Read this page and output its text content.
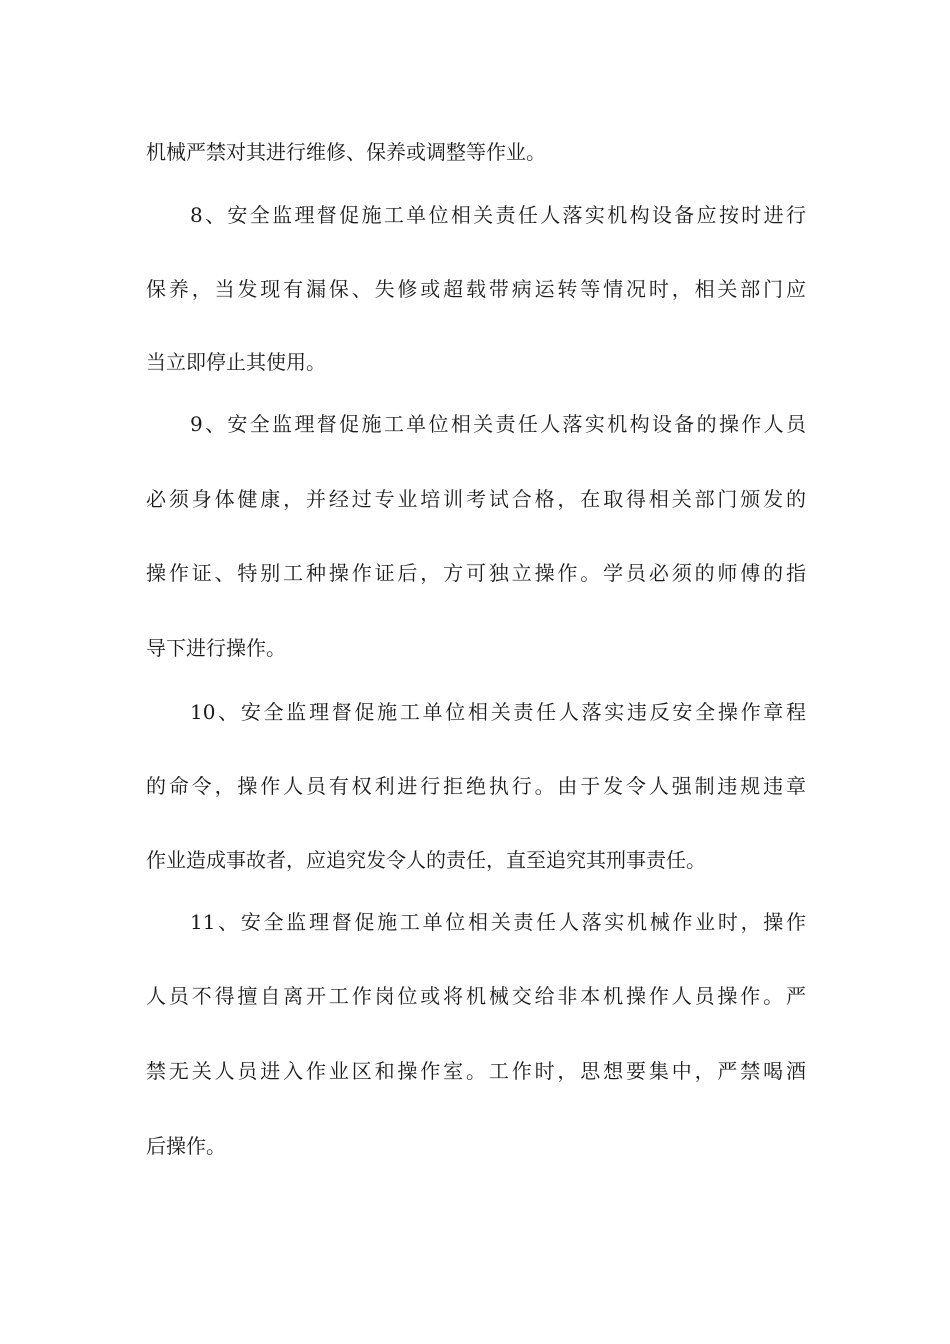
机械严禁对其进行维修、保养或调整等作业。
8、安全监理督促施工单位相关责任人落实机构设备应按时进行
保养，当发现有漏保、失修或超载带病运转等情况时，相关部门应
当立即停止其使用。
9、安全监理督促施工单位相关责任人落实机构设备的操作人员
必须身体健康，并经过专业培训考试合格，在取得相关部门颁发的
操作证、特别工种操作证后，方可独立操作。学员必须的师傅的指
导下进行操作。
10、安全监理督促施工单位相关责任人落实违反安全操作章程
的命令，操作人员有权利进行拒绝执行。由于发令人强制违规违章
作业造成事故者，应追究发令人的责任，直至追究其刑事责任。
11、安全监理督促施工单位相关责任人落实机械作业时，操作
人员不得擅自离开工作岗位或将机械交给非本机操作人员操作。严
禁无关人员进入作业区和操作室。工作时，思想要集中，严禁喝酒
后操作。
